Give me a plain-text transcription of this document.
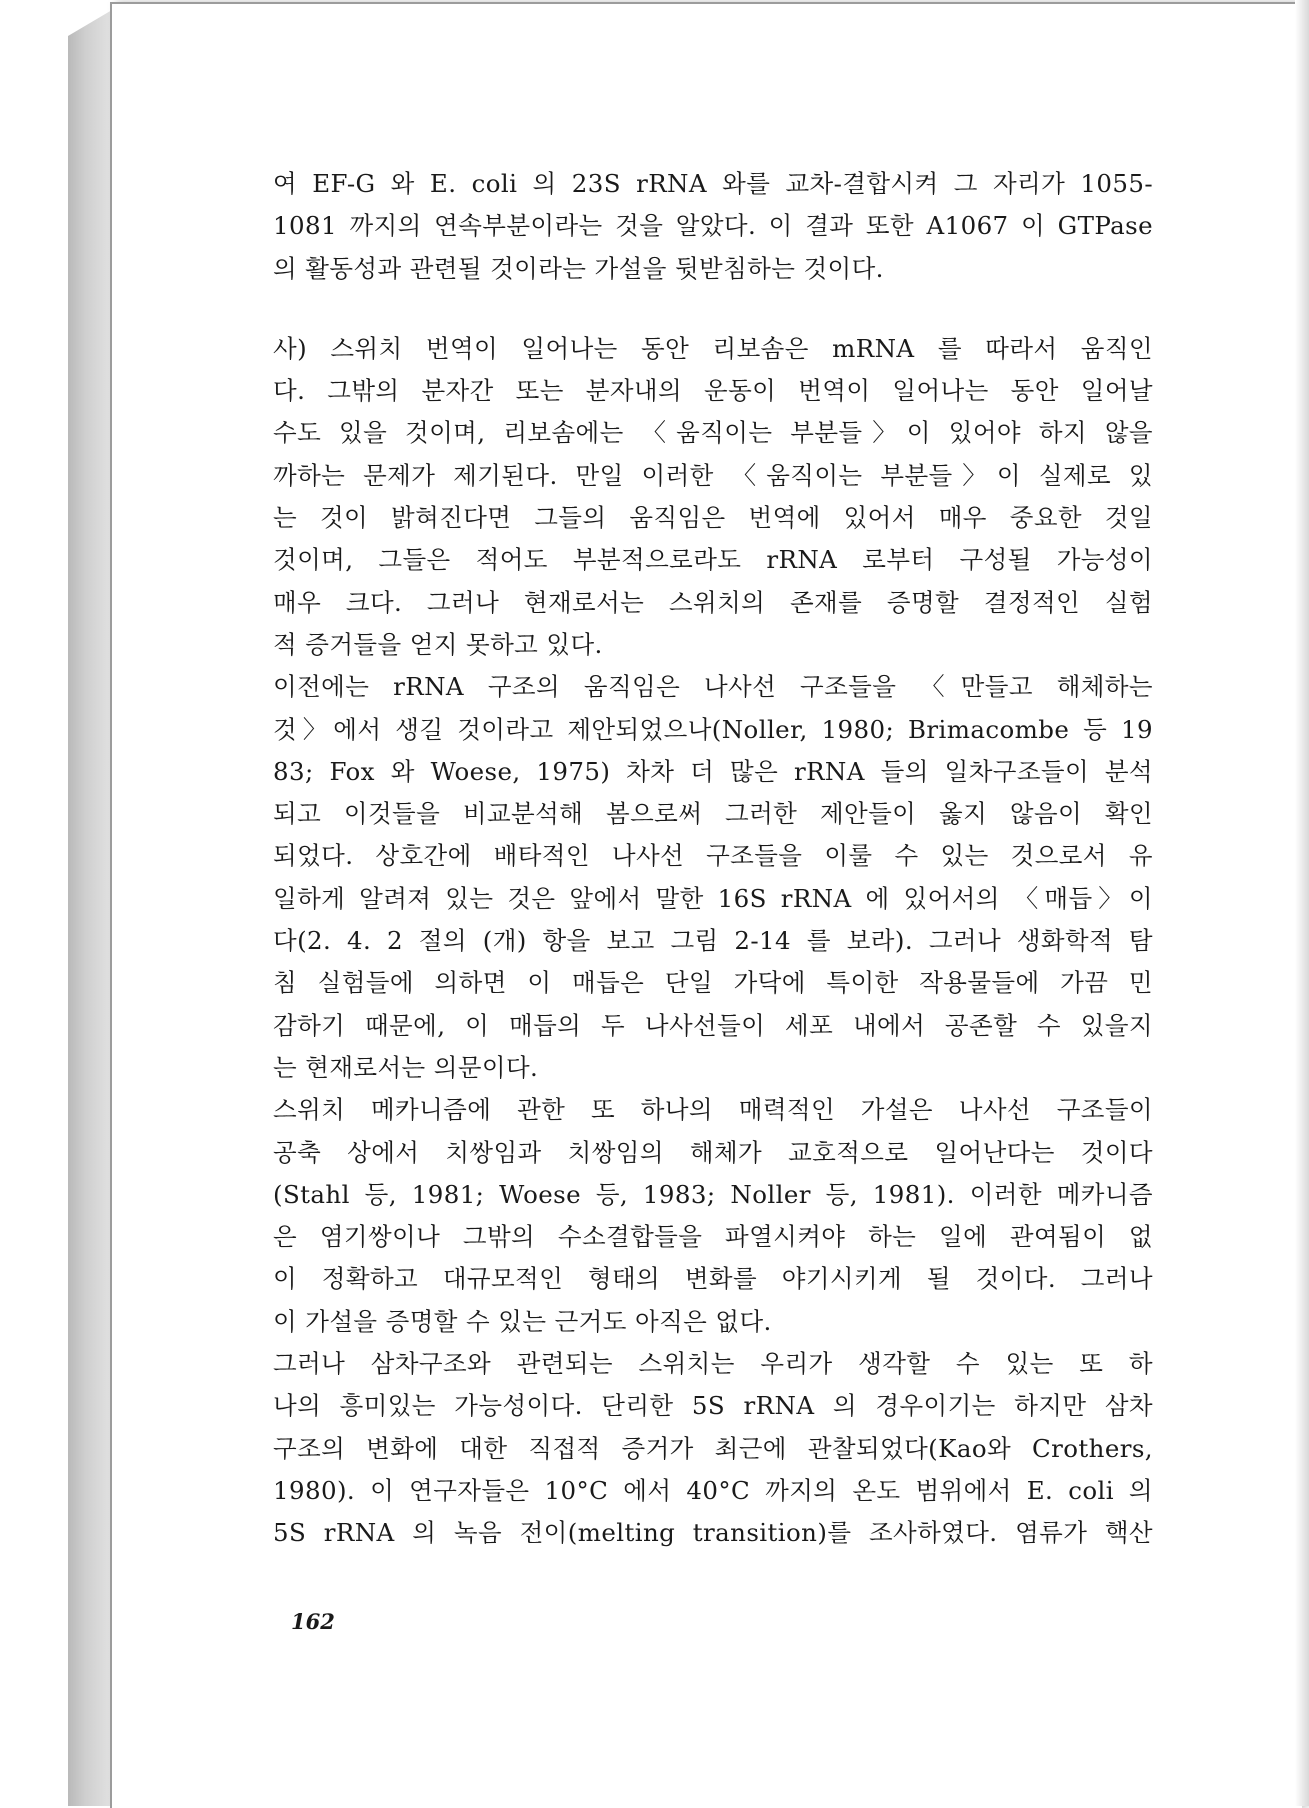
여 EF-G 와 E. coli 의 23S rRNA 와를 교차-결합시켜 그 자리가 1055-
1081 까지의 연속부분이라는 것을 알았다. 이 결과 또한 A1067 이 GTPase
의 활동성과 관련될 것이라는 가설을 뒷받침하는 것이다.
사) 스위치 번역이 일어나는 동안 리보솜은 mRNA 를 따라서 움직인
다. 그밖의 분자간 또는 분자내의 운동이 번역이 일어나는 동안 일어날
수도 있을 것이며, 리보솜에는 〈움직이는 부분들〉이 있어야 하지 않을
까하는 문제가 제기된다. 만일 이러한 〈움직이는 부분들〉이 실제로 있
는 것이 밝혀진다면 그들의 움직임은 번역에 있어서 매우 중요한 것일
것이며, 그들은 적어도 부분적으로라도 rRNA 로부터 구성될 가능성이
매우 크다. 그러나 현재로서는 스위치의 존재를 증명할 결정적인 실험
적 증거들을 얻지 못하고 있다.
이전에는 rRNA 구조의 움직임은 나사선 구조들을 〈만들고 해체하는
것〉에서 생길 것이라고 제안되었으나(Noller, 1980; Brimacombe 등 19
83; Fox 와 Woese, 1975) 차차 더 많은 rRNA 들의 일차구조들이 분석
되고 이것들을 비교분석해 봄으로써 그러한 제안들이 옳지 않음이 확인
되었다. 상호간에 배타적인 나사선 구조들을 이룰 수 있는 것으로서 유
일하게 알려져 있는 것은 앞에서 말한 16S rRNA 에 있어서의 〈매듭〉이
다(2. 4. 2 절의 (개) 항을 보고 그림 2-14 를 보라). 그러나 생화학적 탐
침 실험들에 의하면 이 매듭은 단일 가닥에 특이한 작용물들에 가끔 민
감하기 때문에, 이 매듭의 두 나사선들이 세포 내에서 공존할 수 있을지
는 현재로서는 의문이다.
스위치 메카니즘에 관한 또 하나의 매력적인 가설은 나사선 구조들이
공축 상에서 치쌍임과 치쌍임의 해체가 교호적으로 일어난다는 것이다
(Stahl 등, 1981; Woese 등, 1983; Noller 등, 1981). 이러한 메카니즘
은 염기쌍이나 그밖의 수소결합들을 파열시켜야 하는 일에 관여됨이 없
이 정확하고 대규모적인 형태의 변화를 야기시키게 될 것이다. 그러나
이 가설을 증명할 수 있는 근거도 아직은 없다.
그러나 삼차구조와 관련되는 스위치는 우리가 생각할 수 있는 또 하
나의 흥미있는 가능성이다. 단리한 5S rRNA 의 경우이기는 하지만 삼차
구조의 변화에 대한 직접적 증거가 최근에 관찰되었다(Kao와 Crothers,
1980). 이 연구자들은 10°C 에서 40°C 까지의 온도 범위에서 E. coli 의
5S rRNA 의 녹음 전이(melting transition)를 조사하였다. 염류가 핵산
162
